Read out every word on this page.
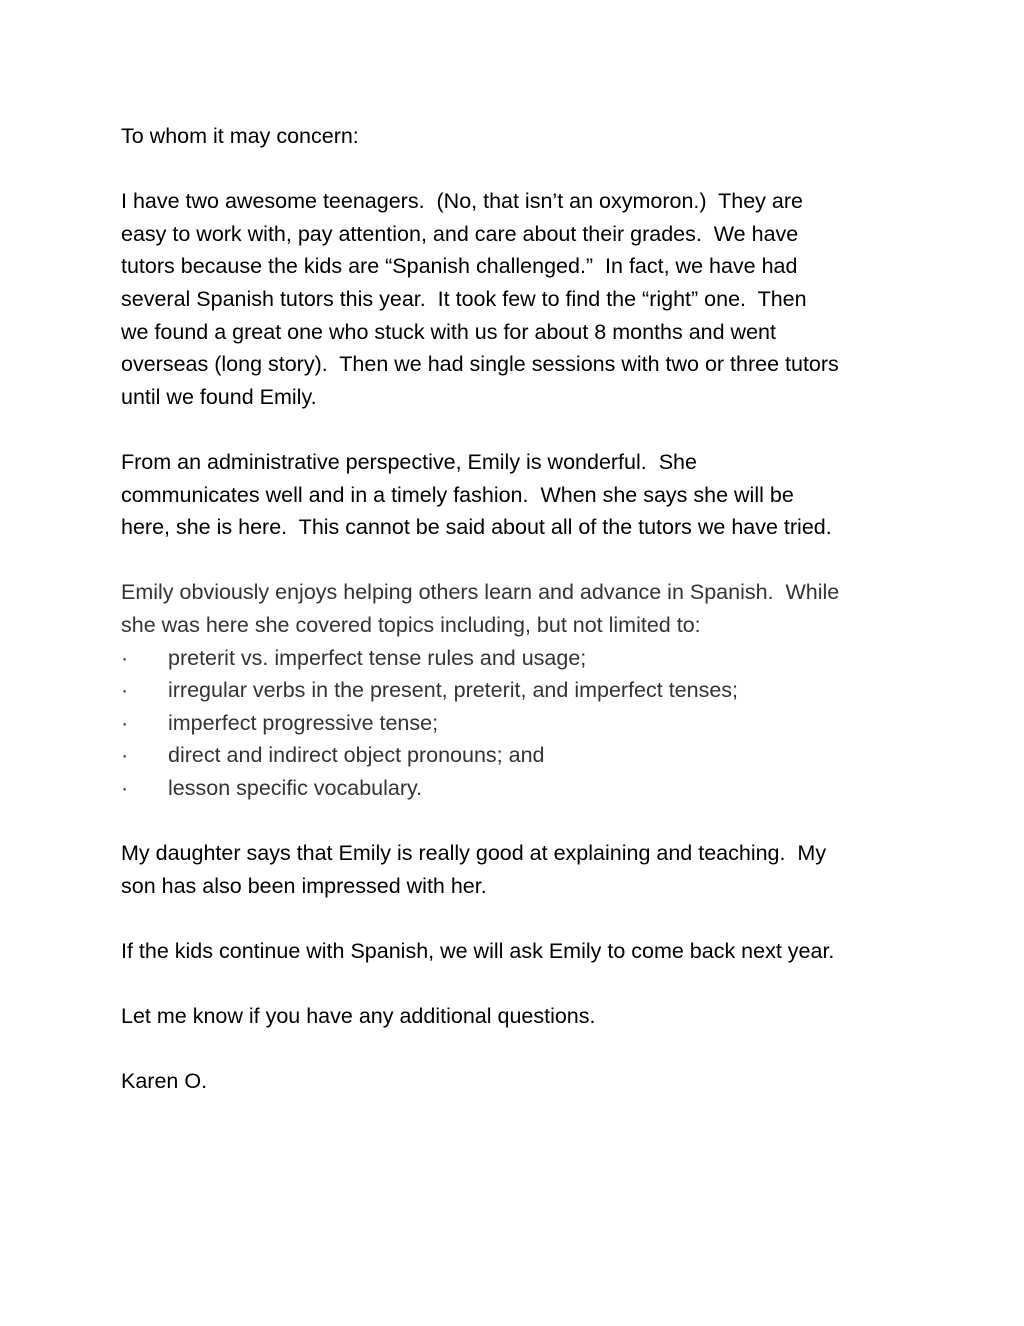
To whom it may concern:

I have two awesome teenagers.  (No, that isn’t an oxymoron.)  They are
easy to work with, pay attention, and care about their grades.  We have
tutors because the kids are “Spanish challenged.”  In fact, we have had
several Spanish tutors this year.  It took few to find the “right” one.  Then
we found a great one who stuck with us for about 8 months and went
overseas (long story).  Then we had single sessions with two or three tutors
until we found Emily.

From an administrative perspective, Emily is wonderful.  She
communicates well and in a timely fashion.  When she says she will be
here, she is here.  This cannot be said about all of the tutors we have tried.

Emily obviously enjoys helping others learn and advance in Spanish.  While
she was here she covered topics including, but not limited to:

·

preterit vs. imperfect tense rules and usage;

·

irregular verbs in the present, preterit, and imperfect tenses;

·

imperfect progressive tense;

·

direct and indirect object pronouns; and

·

lesson specific vocabulary.

My daughter says that Emily is really good at explaining and teaching.  My
son has also been impressed with her.

If the kids continue with Spanish, we will ask Emily to come back next year.

Let me know if you have any additional questions.

Karen O.
